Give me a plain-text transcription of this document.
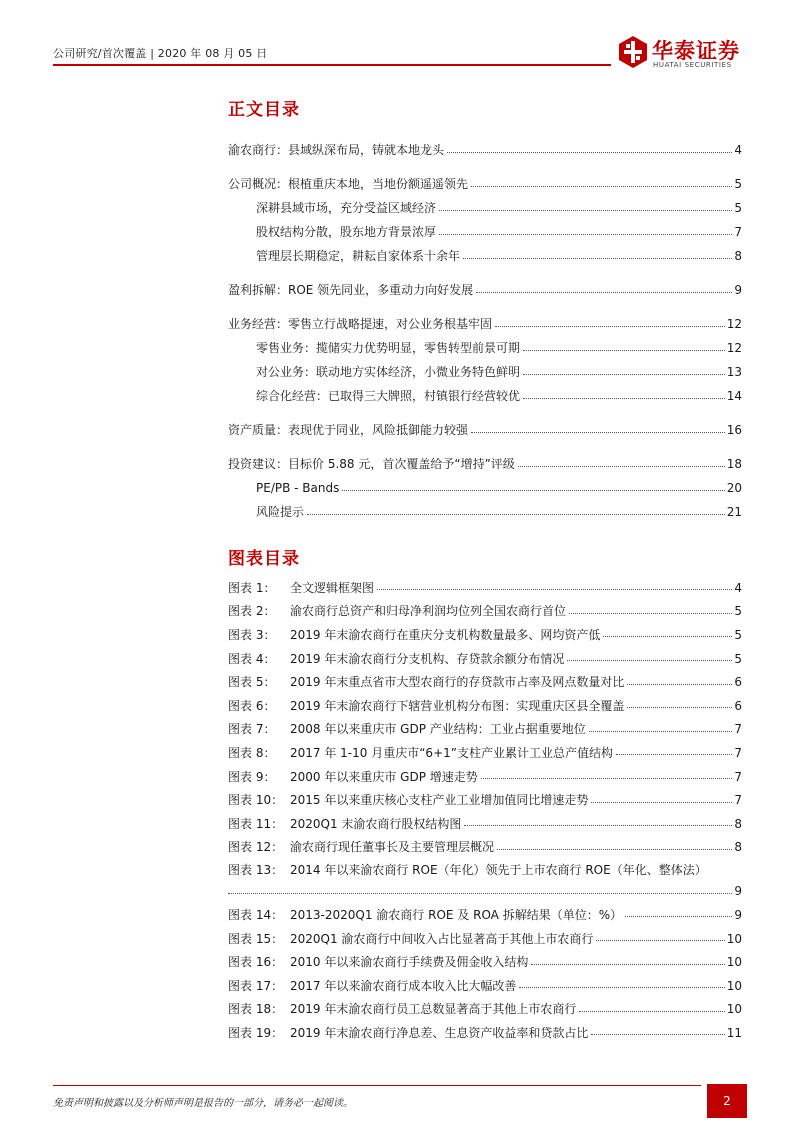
公司研究/首次覆盖 | 2020 年 08 月 05 日	华泰证券
HUATAI SECURITIES
正文目录
渝农商行：县域纵深布局，铸就本地龙头	4
公司概况：根植重庆本地，当地份额遥遥领先	5
深耕县域市场，充分受益区域经济	5
股权结构分散，股东地方背景浓厚	7
管理层长期稳定，耕耘自家体系十余年	8
盈利拆解：ROE 领先同业，多重动力向好发展	9
业务经营：零售立行战略提速，对公业务根基牢固	12
零售业务：揽储实力优势明显，零售转型前景可期	12
对公业务：联动地方实体经济，小微业务特色鲜明	13
综合化经营：已取得三大牌照，村镇银行经营较优	14
资产质量：表现优于同业，风险抵御能力较强	16
投资建议：目标价 5.88 元，首次覆盖给予“增持”评级	18
PE/PB - Bands	20
风险提示	21
图表目录
图表 1： 全文逻辑框架图	4
图表 2： 渝农商行总资产和归母净利润均位列全国农商行首位	5
图表 3： 2019 年末渝农商行在重庆分支机构数量最多、网均资产低	5
图表 4： 2019 年末渝农商行分支机构、存贷款余额分布情况	5
图表 5： 2019 年末重点省市大型农商行的存贷款市占率及网点数量对比	6
图表 6： 2019 年末渝农商行下辖营业机构分布图：实现重庆区县全覆盖	6
图表 7： 2008 年以来重庆市 GDP 产业结构：工业占据重要地位	7
图表 8： 2017 年 1-10 月重庆市“6+1”支柱产业累计工业总产值结构	7
图表 9： 2000 年以来重庆市 GDP 增速走势	7
图表 10： 2015 年以来重庆核心支柱产业工业增加值同比增速走势	7
图表 11： 2020Q1 末渝农商行股权结构图	8
图表 12： 渝农商行现任董事长及主要管理层概况	8
图表 13： 2014 年以来渝农商行 ROE（年化）领先于上市农商行 ROE（年化、整体法）
9
图表 14： 2013-2020Q1 渝农商行 ROE 及 ROA 拆解结果（单位：%）	9
图表 15： 2020Q1 渝农商行中间收入占比显著高于其他上市农商行	10
图表 16： 2010 年以来渝农商行手续费及佣金收入结构	10
图表 17： 2017 年以来渝农商行成本收入比大幅改善	10
图表 18： 2019 年末渝农商行员工总数显著高于其他上市农商行	10
图表 19： 2019 年末渝农商行净息差、生息资产收益率和贷款占比	11
免责声明和披露以及分析师声明是报告的一部分，请务必一起阅读。	2
